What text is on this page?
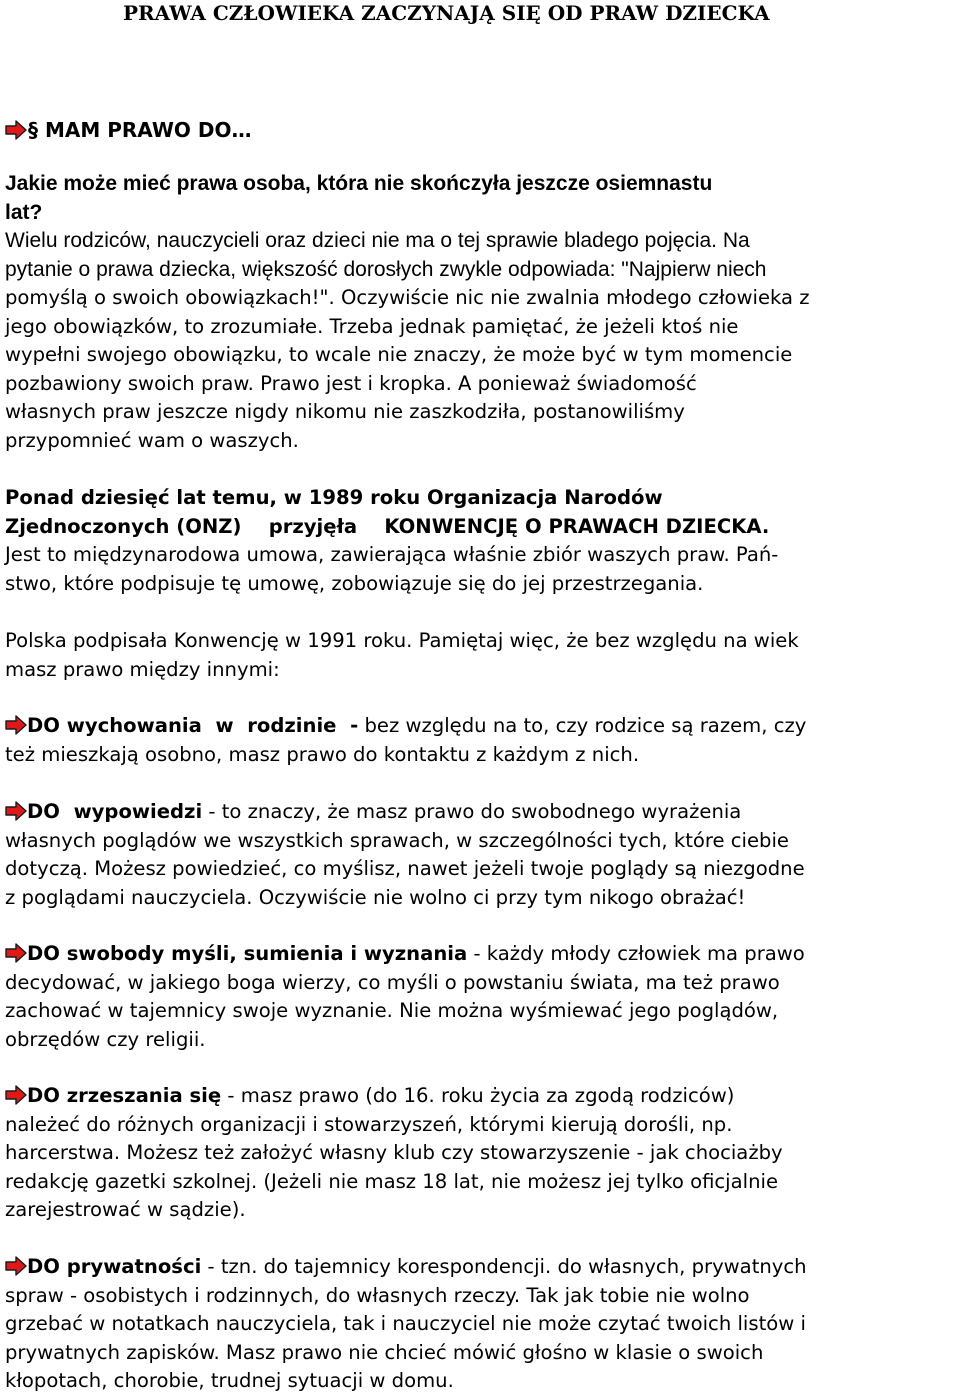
PRAWA CZŁOWIEKA ZACZYNAJĄ SIĘ OD PRAW DZIECKA
§ MAM PRAWO DO…
Jakie może mieć prawa osoba, która nie skończyła jeszcze osiemnastu
lat?
Wielu rodziców, nauczycieli oraz dzieci nie ma o tej sprawie bladego pojęcia. Na
pytanie o prawa dziecka, większość dorosłych zwykle odpowiada: "Najpierw niech
pomyślą o swoich obowiązkach!". Oczywiście nic nie zwalnia młodego człowieka z
jego obowiązków, to zrozumiałe. Trzeba jednak pamiętać, że jeżeli ktoś nie
wypełni swojego obowiązku, to wcale nie znaczy, że może być w tym momencie
pozbawiony swoich praw. Prawo jest i kropka. A ponieważ świadomość
własnych praw jeszcze nigdy nikomu nie zaszkodziła, postanowiliśmy
przypomnieć wam o waszych.
Ponad dziesięć lat temu, w 1989 roku Organizacja Narodów
Zjednoczonych (ONZ)    przyjęła    KONWENCJĘ O PRAWACH DZIECKA.
Jest to międzynarodowa umowa, zawierająca właśnie zbiór waszych praw. Pań-
stwo, które podpisuje tę umowę, zobowiązuje się do jej przestrzegania.
Polska podpisała Konwencję w 1991 roku. Pamiętaj więc, że bez względu na wiek
masz prawo między innymi:
DO wychowania  w  rodzinie  - bez względu na to, czy rodzice są razem, czy
też mieszkają osobno, masz prawo do kontaktu z każdym z nich.
DO  wypowiedzi - to znaczy, że masz prawo do swobodnego wyrażenia
własnych poglądów we wszystkich sprawach, w szczególności tych, które ciebie
dotyczą. Możesz powiedzieć, co myślisz, nawet jeżeli twoje poglądy są niezgodne
z poglądami nauczyciela. Oczywiście nie wolno ci przy tym nikogo obrażać!
DO swobody myśli, sumienia i wyznania - każdy młody człowiek ma prawo
decydować, w jakiego boga wierzy, co myśli o powstaniu świata, ma też prawo
zachować w tajemnicy swoje wyznanie. Nie można wyśmiewać jego poglądów,
obrzędów czy religii.
DO zrzeszania się - masz prawo (do 16. roku życia za zgodą rodziców)
należeć do różnych organizacji i stowarzyszeń, którymi kierują dorośli, np.
harcerstwa. Możesz też założyć własny klub czy stowarzyszenie - jak chociażby
redakcję gazetki szkolnej. (Jeżeli nie masz 18 lat, nie możesz jej tylko oficjalnie
zarejestrować w sądzie).
DO prywatności - tzn. do tajemnicy korespondencji. do własnych, prywatnych
spraw - osobistych i rodzinnych, do własnych rzeczy. Tak jak tobie nie wolno
grzebać w notatkach nauczyciela, tak i nauczyciel nie może czytać twoich listów i
prywatnych zapisków. Masz prawo nie chcieć mówić głośno w klasie o swoich
kłopotach, chorobie, trudnej sytuacji w domu.
